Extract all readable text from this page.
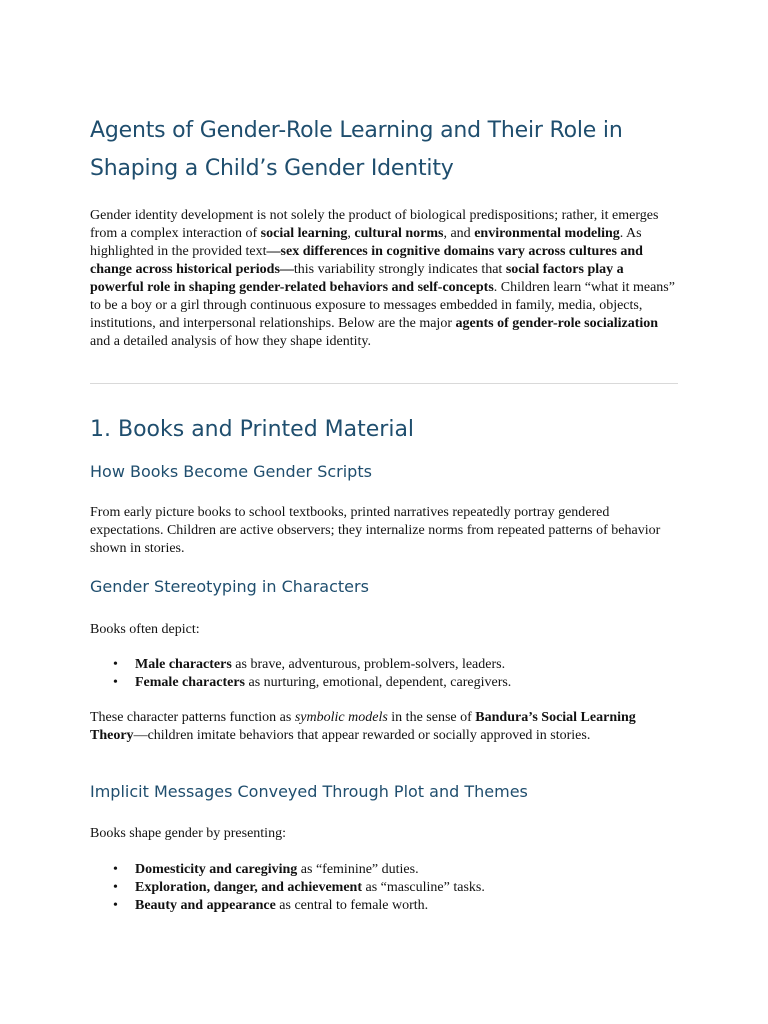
Agents of Gender-Role Learning and Their Role in Shaping a Child’s Gender Identity

Gender identity development is not solely the product of biological predispositions; rather, it emerges from a complex interaction of social learning, cultural norms, and environmental modeling. As highlighted in the provided text—sex differences in cognitive domains vary across cultures and change across historical periods—this variability strongly indicates that social factors play a powerful role in shaping gender-related behaviors and self-concepts. Children learn “what it means” to be a boy or a girl through continuous exposure to messages embedded in family, media, objects, institutions, and interpersonal relationships. Below are the major agents of gender-role socialization and a detailed analysis of how they shape identity.

1. Books and Printed Material
How Books Become Gender Scripts

From early picture books to school textbooks, printed narratives repeatedly portray gendered expectations. Children are active observers; they internalize norms from repeated patterns of behavior shown in stories.

Gender Stereotyping in Characters

Books often depict:

• Male characters as brave, adventurous, problem-solvers, leaders.
• Female characters as nurturing, emotional, dependent, caregivers.

These character patterns function as symbolic models in the sense of Bandura’s Social Learning Theory—children imitate behaviors that appear rewarded or socially approved in stories.

Implicit Messages Conveyed Through Plot and Themes

Books shape gender by presenting:

• Domesticity and caregiving as “feminine” duties.
• Exploration, danger, and achievement as “masculine” tasks.
• Beauty and appearance as central to female worth.
